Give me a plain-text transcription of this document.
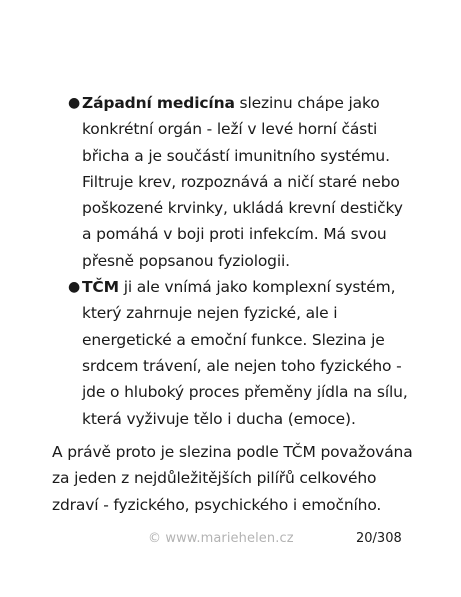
● Západní medicína slezinu chápe jako konkrétní orgán - leží v levé horní části břicha a je součástí imunitního systému. Filtruje krev, rozpoznává a ničí staré nebo poškozené krvinky, ukládá krevní destičky a pomáhá v boji proti infekcím. Má svou přesně popsanou fyziologii.
● TČM ji ale vnímá jako komplexní systém, který zahrnuje nejen fyzické, ale i energetické a emoční funkce. Slezina je srdcem trávení, ale nejen toho fyzického - jde o hluboký proces přeměny jídla na sílu, která vyživuje tělo i ducha (emoce).

A právě proto je slezina podle TČM považována za jeden z nejdůležitějších pilířů celkového zdraví - fyzického, psychického i emočního.

© www.mariehelen.cz	20/308
